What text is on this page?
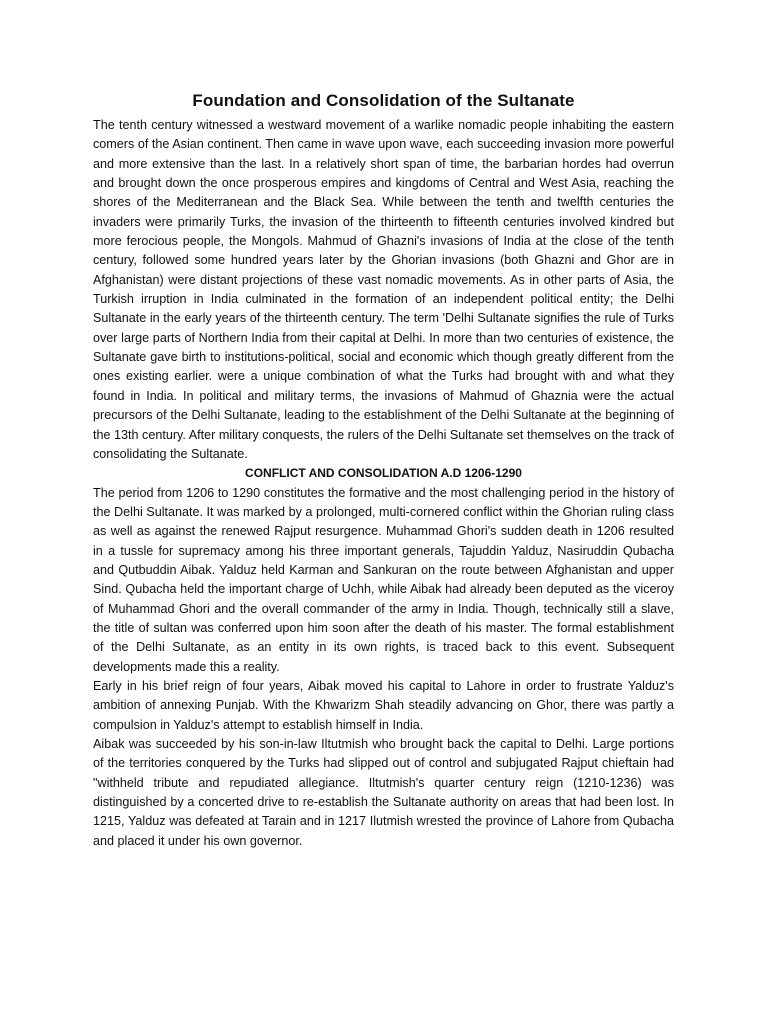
Foundation and Consolidation of the Sultanate

The tenth century witnessed a westward movement of a warlike nomadic people inhabiting the eastern comers of the Asian continent. Then came in wave upon wave, each succeeding invasion more powerful and more extensive than the last. In a relatively short span of time, the barbarian hordes had overrun and brought down the once prosperous empires and kingdoms of Central and West Asia, reaching the shores of the Mediterranean and the Black Sea. While between the tenth and twelfth centuries the invaders were primarily Turks, the invasion of the thirteenth to fifteenth centuries involved kindred but more ferocious people, the Mongols. Mahmud of Ghazni's invasions of India at the close of the tenth century, followed some hundred years later by the Ghorian invasions (both Ghazni and Ghor are in Afghanistan) were distant projections of these vast nomadic movements. As in other parts of Asia, the Turkish irruption in India culminated in the formation of an independent political entity; the Delhi Sultanate in the early years of the thirteenth century. The term 'Delhi Sultanate signifies the rule of Turks over large parts of Northern India from their capital at Delhi. In more than two centuries of existence, the Sultanate gave birth to institutions-political, social and economic which though greatly different from the ones existing earlier. were a unique combination of what the Turks had brought with and what they found in India. In political and military terms, the invasions of Mahmud of Ghaznia were the actual precursors of the Delhi Sultanate, leading to the establishment of the Delhi Sultanate at the beginning of the 13th century. After military conquests, the rulers of the Delhi Sultanate set themselves on the track of consolidating the Sultanate.

CONFLICT AND CONSOLIDATION A.D 1206-1290

The period from 1206 to 1290 constitutes the formative and the most challenging period in the history of the Delhi Sultanate. It was marked by a prolonged, multi-cornered conflict within the Ghorian ruling class as well as against the renewed Rajput resurgence. Muhammad Ghori's sudden death in 1206 resulted in a tussle for supremacy among his three important generals, Tajuddin Yalduz, Nasiruddin Qubacha and Qutbuddin Aibak. Yalduz held Karman and Sankuran on the route between Afghanistan and upper Sind. Qubacha held the important charge of Uchh, while Aibak had already been deputed as the viceroy of Muhammad Ghori and the overall commander of the army in India. Though, technically still a slave, the title of sultan was conferred upon him soon after the death of his master. The formal establishment of the Delhi Sultanate, as an entity in its own rights, is traced back to this event. Subsequent developments made this a reality.

Early in his brief reign of four years, Aibak moved his capital to Lahore in order to frustrate Yalduz's ambition of annexing Punjab. With the Khwarizm Shah steadily advancing on Ghor, there was partly a compulsion in Yalduz's attempt to establish himself in India.

Aibak was succeeded by his son-in-law Iltutmish who brought back the capital to Delhi. Large portions of the territories conquered by the Turks had slipped out of control and subjugated Rajput chieftain had "withheld tribute and repudiated allegiance. Iltutmish's quarter century reign (1210-1236) was distinguished by a concerted drive to re-establish the Sultanate authority on areas that had been lost. In 1215, Yalduz was defeated at Tarain and in 1217 Ilutmish wrested the province of Lahore from Qubacha and placed it under his own governor.
